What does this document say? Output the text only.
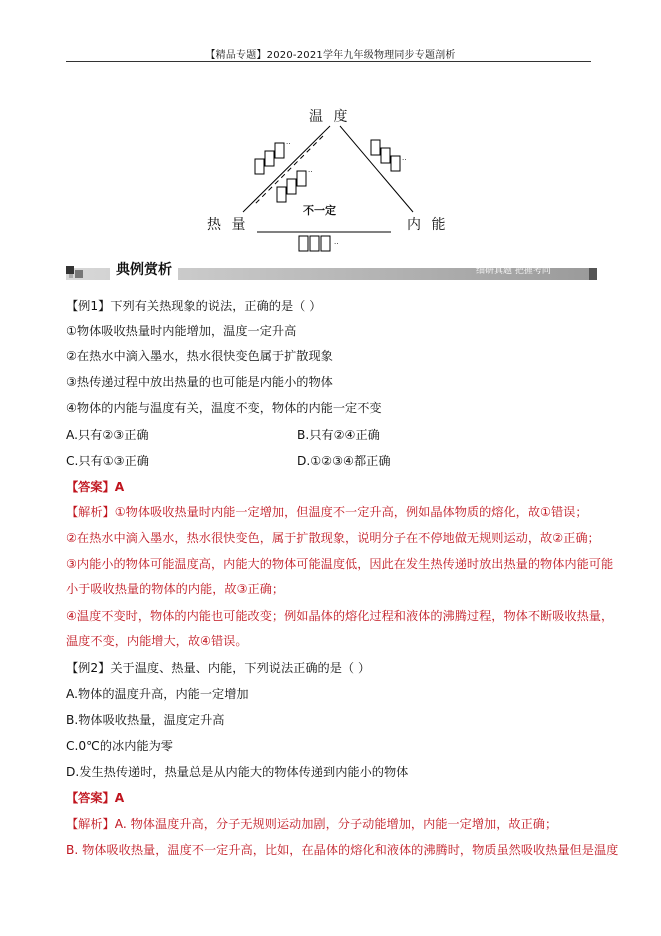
【精品专题】2020-2021学年九年级物理同步专题剖析
··
··
··
··
温 度
热 量	内 能
不一定
典例赏析	细研真题 把握考向
【例1】下列有关热现象的说法，正确的是（ ）
①物体吸收热量时内能增加，温度一定升高
②在热水中滴入墨水，热水很快变色属于扩散现象
③热传递过程中放出热量的也可能是内能小的物体
④物体的内能与温度有关，温度不变，物体的内能一定不变
A.只有②③正确	B.只有②④正确
C.只有①③正确	D.①②③④都正确
【答案】A
【解析】①物体吸收热量时内能一定增加，但温度不一定升高，例如晶体物质的熔化，故①错误；
②在热水中滴入墨水，热水很快变色，属于扩散现象，说明分子在不停地做无规则运动，故②正确；
③内能小的物体可能温度高，内能大的物体可能温度低，因此在发生热传递时放出热量的物体内能可能
小于吸收热量的物体的内能，故③正确；
④温度不变时，物体的内能也可能改变；例如晶体的熔化过程和液体的沸腾过程，物体不断吸收热量，
温度不变，内能增大，故④错误。
【例2】关于温度、热量、内能，下列说法正确的是（ ）
A.物体的温度升高，内能一定增加
B.物体吸收热量，温度定升高
C.0℃的冰内能为零
D.发生热传递时，热量总是从内能大的物体传递到内能小的物体
【答案】A
【解析】A. 物体温度升高，分子无规则运动加剧，分子动能增加，内能一定增加，故正确；
B. 物体吸收热量，温度不一定升高，比如，在晶体的熔化和液体的沸腾时，物质虽然吸收热量但是温度
